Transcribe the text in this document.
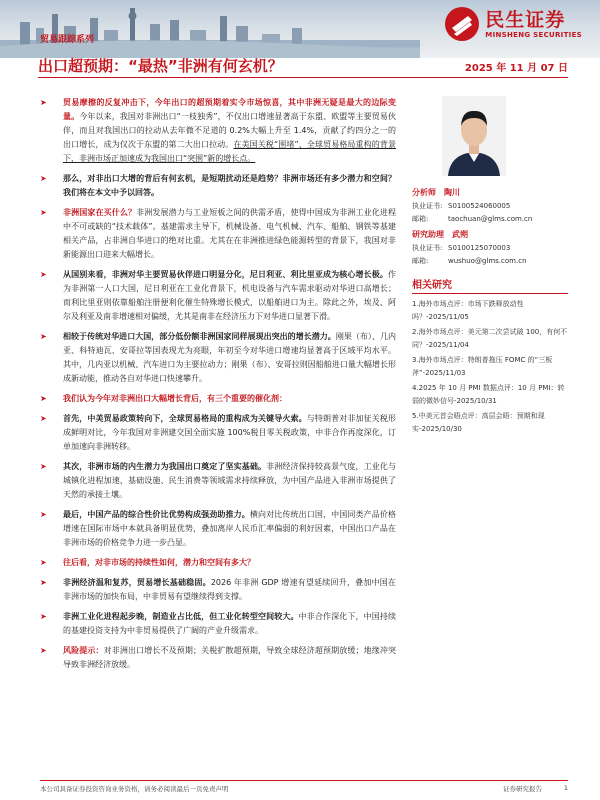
民生证券
MINSHENG SECURITIES
贸易跟踪系列
出口超预期：“最热”非洲有何玄机？	2025 年 11 月 07 日
➤	贸易摩擦的反复冲击下，今年出口的超预期着实令市场惊喜，其中非洲无疑是最大的边际变量。今年以来，我国对非洲出口“一枝独秀”，不仅出口增速显著高于东盟、欧盟等主要贸易伙伴，而且对我国出口的拉动从去年微不足道的 0.2%大幅上升至 1.4%，贡献了约四分之一的出口增长，成为仅次于东盟的第二大出口拉动。在美国关税“围堵”、全球贸易格局重构的背景下，非洲市场正加速成为我国出口“突围”新的增长点。
➤	那么，对非出口大增的背后有何玄机，是短期扰动还是趋势？非洲市场还有多少潜力和空间？我们将在本文中予以回答。
➤	非洲国家在买什么？非洲发展潜力与工业短板之间的供需矛盾，使得中国成为非洲工业化进程中不可或缺的“技术载体”。基建需求主导下，机械设备、电气机械、汽车、船舶、钢铁等基建相关产品，占非洲自华进口的绝对比重。尤其在在非洲推进绿色能源转型的背景下，我国对非新能源出口迎来大幅增长。
➤	从国别来看，非洲对华主要贸易伙伴进口明显分化，尼日利亚、利比里亚成为核心增长极。作为非洲第一人口大国，尼日利亚在工业化背景下，机电设备与汽车需求驱动对华进口高增长；而利比里亚则依靠船舶注册便利化催生特殊增长模式，以船舶进口为主。除此之外，埃及、阿尔及利亚及南非增速相对偏缓，尤其是南非在经济压力下对华进口显著下滑。
➤	相较于传统对华进口大国，部分低份额非洲国家同样展现出突出的增长潜力。刚果（布）、几内亚、科特迪瓦、安哥拉等国表现尤为亮眼，年初至今对华进口增速均显著高于区域平均水平。其中，几内亚以机械、汽车进口为主要拉动力；刚果（布）、安哥拉则因船舶进口量大幅增长形成新动能，推动各自对华进口快速攀升。
➤	我们认为今年对非洲出口大幅增长背后，有三个重要的催化剂：
➤	首先，中美贸易政策转向下，全球贸易格局的重构成为关键导火索。与特朗普对非加征关税形成鲜明对比，今年我国对非洲建交国全面实施 100%税目零关税政策，中非合作再度深化，订单加速向非洲转移。
➤	其次，非洲市场的内生潜力为我国出口奠定了坚实基础。非洲经济保持较高景气度，工业化与城镇化进程加速，基础设施、民生消费等领域需求持续释放，为中国产品进入非洲市场提供了天然的承接土壤。
➤	最后，中国产品的综合性价比优势构成强劲助推力。横向对比传统出口国，中国同类产品价格增速在国际市场中本就具备明显优势，叠加离岸人民币汇率偏弱的利好因素，中国出口产品在非洲市场的价格竞争力进一步凸显。
➤	往后看，对非市场的持续性如何，潜力和空间有多大？
➤	非洲经济温和复苏，贸易增长基础稳固。2026 年非洲 GDP 增速有望延续回升，叠加中国在非洲市场的加快布局，中非贸易有望继续得到支撑。
➤	非洲工业化进程起步晚，制造业占比低，但工业化转型空间较大。中非合作深化下，中国持续的基建投资支持为中非贸易提供了广阔的产业升级需求。
➤	风险提示：对非洲出口增长不及预期；关税扩散超预期，导致全球经济超预期放缓；地缘冲突导致非洲经济放缓。
分析师 陶川
执业证书: S0100524060005
邮箱:	taochuan@glms.com.cn
研究助理 武朔
执业证书: S0100125070003
邮箱:	wushuo@glms.com.cn
相关研究
1.海外市场点评：市场下跌释放动性吗？-2025/11/05
2.海外市场点评：美元第二次尝试破 100，有何不同？-2025/11/04
3.海外市场点评：特朗普拖压 FOMC 的“三板斧”-2025/11/03
4.2025 年 10 月 PMI 数据点评：10 月 PMI：转弱的微妙信号-2025/10/31
5.中美元首会晤点评：高层会晤：预期和现实-2025/10/30
本公司具备证券投资咨询业务资格，请务必阅读最后一页免责声明	证券研究报告	1
